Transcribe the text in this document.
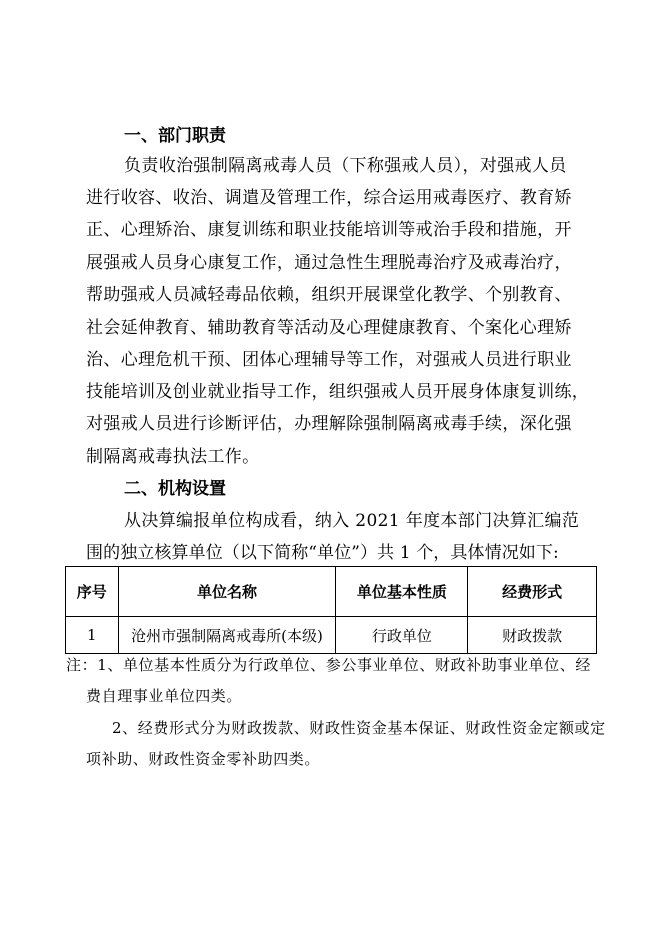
一、部门职责
负责收治强制隔离戒毒人员（下称强戒人员），对强戒人员
进行收容、收治、调遣及管理工作，综合运用戒毒医疗、教育矫
正、心理矫治、康复训练和职业技能培训等戒治手段和措施，开
展强戒人员身心康复工作，通过急性生理脱毒治疗及戒毒治疗，
帮助强戒人员减轻毒品依赖，组织开展课堂化教学、个别教育、
社会延伸教育、辅助教育等活动及心理健康教育、个案化心理矫
治、心理危机干预、团体心理辅导等工作，对强戒人员进行职业
技能培训及创业就业指导工作，组织强戒人员开展身体康复训练，
对强戒人员进行诊断评估，办理解除强制隔离戒毒手续，深化强
制隔离戒毒执法工作。
二、机构设置
从决算编报单位构成看，纳入 2021 年度本部门决算汇编范
围的独立核算单位（以下简称“单位”）共 1 个，具体情况如下:
序号	单位名称	单位基本性质	经费形式
1	沧州市强制隔离戒毒所(本级)	行政单位	财政拨款
注：1、单位基本性质分为行政单位、参公事业单位、财政补助事业单位、经
费自理事业单位四类。
2、经费形式分为财政拨款、财政性资金基本保证、财政性资金定额或定
项补助、财政性资金零补助四类。
